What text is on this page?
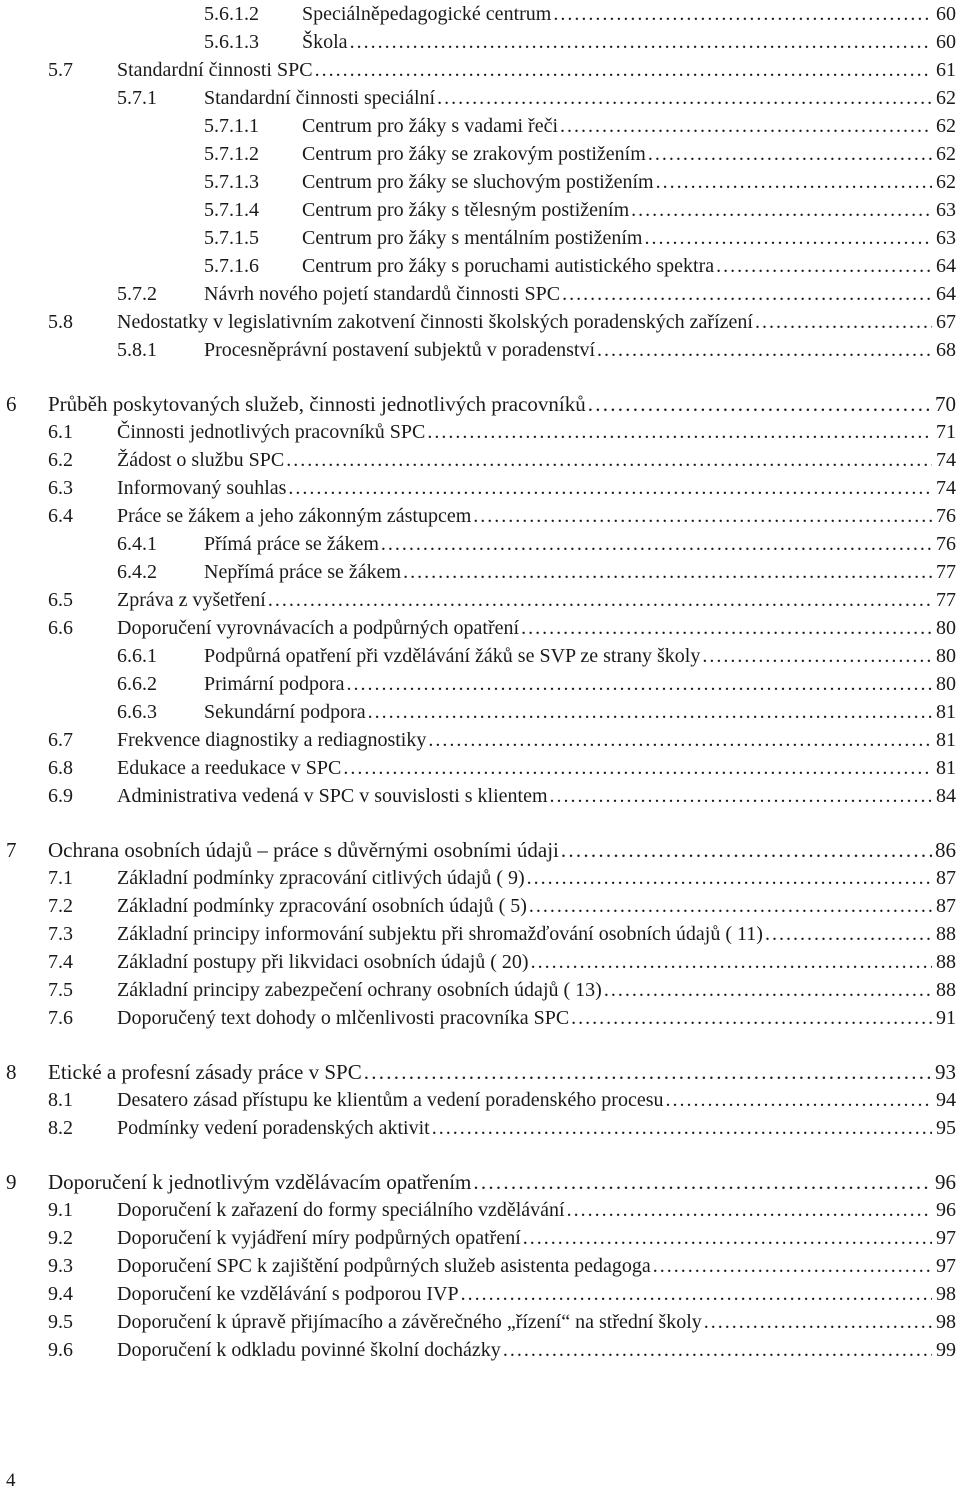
5.6.1.2	Speciálněpedagogické centrum . . .	60
5.6.1.3	Škola . . .	60
5.7	Standardní činnosti SPC . . .	61
5.7.1	Standardní činnosti speciální . . .	62
5.7.1.1	Centrum pro žáky s vadami řeči . . .	62
5.7.1.2	Centrum pro žáky se zrakovým postižením . . .	62
5.7.1.3	Centrum pro žáky se sluchovým postižením . . .	62
5.7.1.4	Centrum pro žáky s tělesným postižením . . .	63
5.7.1.5	Centrum pro žáky s mentálním postižením . . .	63
5.7.1.6	Centrum pro žáky s poruchami autistického spektra . . .	64
5.7.2	Návrh nového pojetí standardů činnosti SPC . . .	64
5.8	Nedostatky v legislativním zakotvení činnosti školských poradenských zařízení . . .	67
5.8.1	Procesněprávní postavení subjektů v poradenství . . .	68
6	Průběh poskytovaných služeb, činnosti jednotlivých pracovníků . . .	70
6.1	Činnosti jednotlivých pracovníků SPC . . .	71
6.2	Žádost o službu SPC . . .	74
6.3	Informovaný souhlas . . .	74
6.4	Práce se žákem a jeho zákonným zástupcem . . .	76
6.4.1	Přímá práce se žákem . . .	76
6.4.2	Nepřímá práce se žákem . . .	77
6.5	Zpráva z vyšetření . . .	77
6.6	Doporučení vyrovnávacích a podpůrných opatření . . .	80
6.6.1	Podpůrná opatření při vzdělávání žáků se SVP ze strany školy . . .	80
6.6.2	Primární podpora . . .	80
6.6.3	Sekundární podpora . . .	81
6.7	Frekvence diagnostiky a rediagnostiky . . .	81
6.8	Edukace a reedukace v SPC . . .	81
6.9	Administrativa vedená v SPC v souvislosti s klientem . . .	84
7	Ochrana osobních údajů – práce s důvěrnými osobními údaji . . .	86
7.1	Základní podmínky zpracování citlivých údajů ( 9) . . .	87
7.2	Základní podmínky zpracování osobních údajů ( 5) . . .	87
7.3	Základní principy informování subjektu při shromažďování osobních údajů ( 11) . . .	88
7.4	Základní postupy při likvidaci osobních údajů ( 20) . . .	88
7.5	Základní principy zabezpečení ochrany osobních údajů ( 13) . . .	88
7.6	Doporučený text dohody o mlčenlivosti pracovníka SPC . . .	91
8	Etické a profesní zásady práce v SPC . . .	93
8.1	Desatero zásad přístupu ke klientům a vedení poradenského procesu . . .	94
8.2	Podmínky vedení poradenských aktivit . . .	95
9	Doporučení k jednotlivým vzdělávacím opatřením . . .	96
9.1	Doporučení k zařazení do formy speciálního vzdělávání . . .	96
9.2	Doporučení k vyjádření míry podpůrných opatření . . .	97
9.3	Doporučení SPC k zajištění podpůrných služeb asistenta pedagoga . . .	97
9.4	Doporučení ke vzdělávání s podporou IVP . . .	98
9.5	Doporučení k úpravě přijímacího a závěrečného „řízení“ na střední školy . . .	98
9.6	Doporučení k odkladu povinné školní docházky . . .	99
4
